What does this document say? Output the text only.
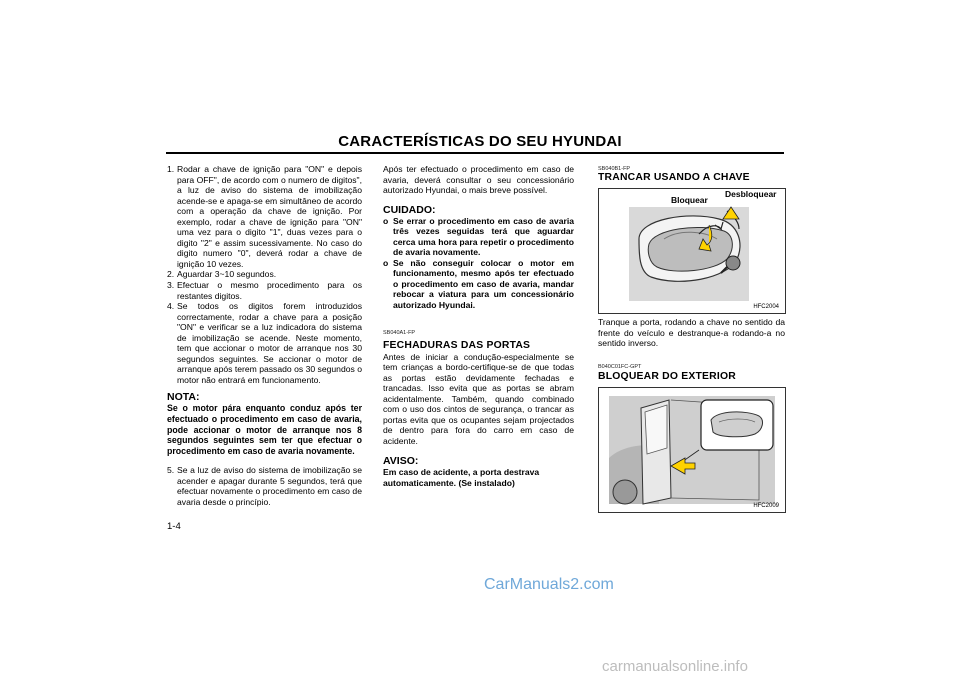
CARACTERÍSTICAS DO SEU HYUNDAI
1. Rodar a chave de ignição para "ON" e depois para OFF", de acordo com o numero de digitos", a luz de aviso do sistema de imobilização acende-se e apaga-se em simultâneo de acordo com a operação da chave de ignição. Por exemplo, rodar a chave de ignição para "ON" uma vez para o digito "1", duas vezes para o digito "2" e assim sucessivamente. No caso do digito numero "0", deverá rodar a chave de ignição 10 vezes.
2. Aguardar 3~10 segundos.
3. Efectuar o mesmo procedimento para os restantes digitos.
4. Se todos os digitos forem introduzidos correctamente, rodar a chave para a posição "ON" e verificar se a luz indicadora do sistema de imobilização se acende. Neste momento, tem que accionar o motor de arranque nos 30 segundos seguintes. Se accionar o motor de arranque após terem passado os 30 segundos o motor não entrará em funcionamento.
NOTA:

Se o motor pára enquanto conduz após ter efectuado o procedimento em caso de avaria, pode accionar o motor de arranque nos 8 segundos seguintes sem ter que efectuar o procedimento em caso de avaria novamente.

5. Se a luz de aviso do sistema de imobilização se acender e apagar durante 5 segundos, terá que efectuar novamente o procedimento em caso de avaria desde o princípio.
1-4

Após ter efectuado o procedimento em caso de avaria, deverá consultar o seu concessionário autorizado Hyundai, o mais breve possível.

CUIDADO:
o Se errar o procedimento em caso de avaria três vezes seguidas terá que aguardar cerca uma hora para repetir o procedimento de avaria novamente.
o Se não conseguir colocar o motor em funcionamento, mesmo após ter efectuado o procedimento em caso de avaria, mandar rebocar a viatura para um concessionário autorizado Hyundai.
SB040A1-FP
FECHADURAS DAS PORTAS

Antes de iniciar a condução-especialmente se tem crianças a bordo-certifique-se de que todas as portas estão devidamente fechadas e trancadas. Isso evita que as portas se abram acidentalmente. Também, quando combinado com o uso dos cintos de segurança, o trancar as portas evita que os ocupantes sejam projectados de dentro para fora do carro em caso de acidente.

AVISO:

Em caso de acidente, a porta destrava automaticamente. (Se instalado)

SB040B1-FP
TRANCAR USANDO A CHAVE
Bloquear
Desbloquear
HFC2004

Tranque a porta, rodando a chave no sentido da frente do veículo e destranque-a rodando-a no sentido inverso.

B040C01FC-GPT
BLOQUEAR DO EXTERIOR
HFC2009
CarManuals2.com
carmanualsonline.info
